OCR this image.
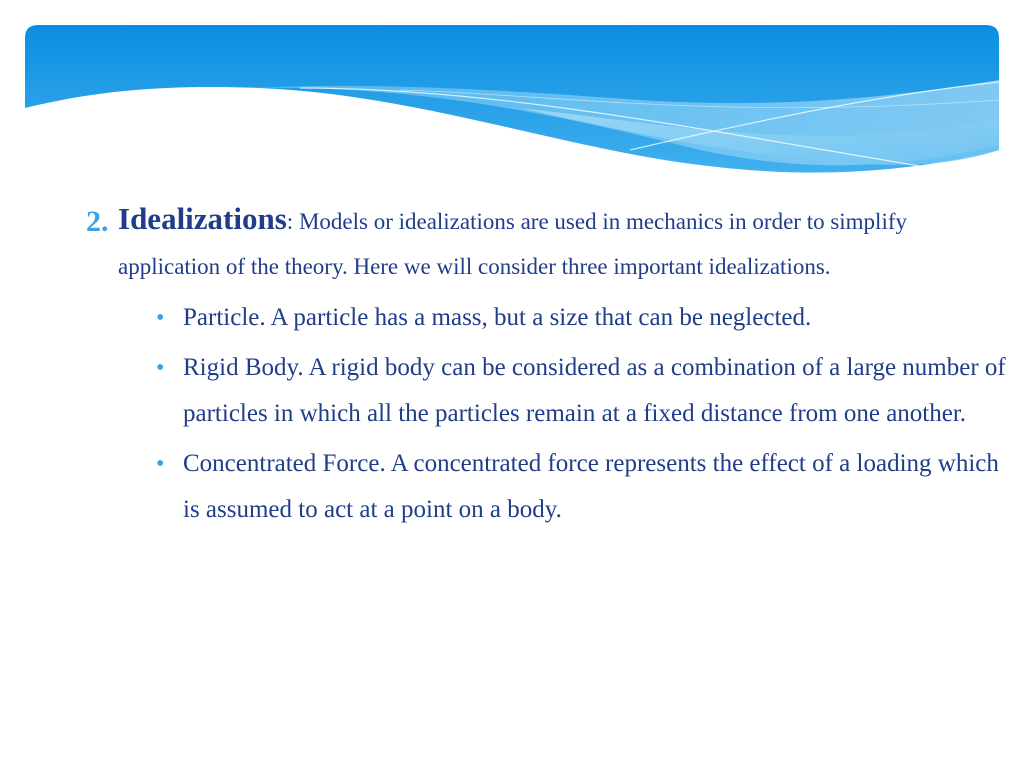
2. Idealizations: Models or idealizations are used in mechanics in order to simplify application of the theory. Here we will consider three important idealizations.
• Particle. A particle has a mass, but a size that can be neglected.
• Rigid Body. A rigid body can be considered as a combination of a large number of particles in which all the particles remain at a fixed distance from one another.
• Concentrated Force. A concentrated force represents the effect of a loading which is assumed to act at a point on a body.
